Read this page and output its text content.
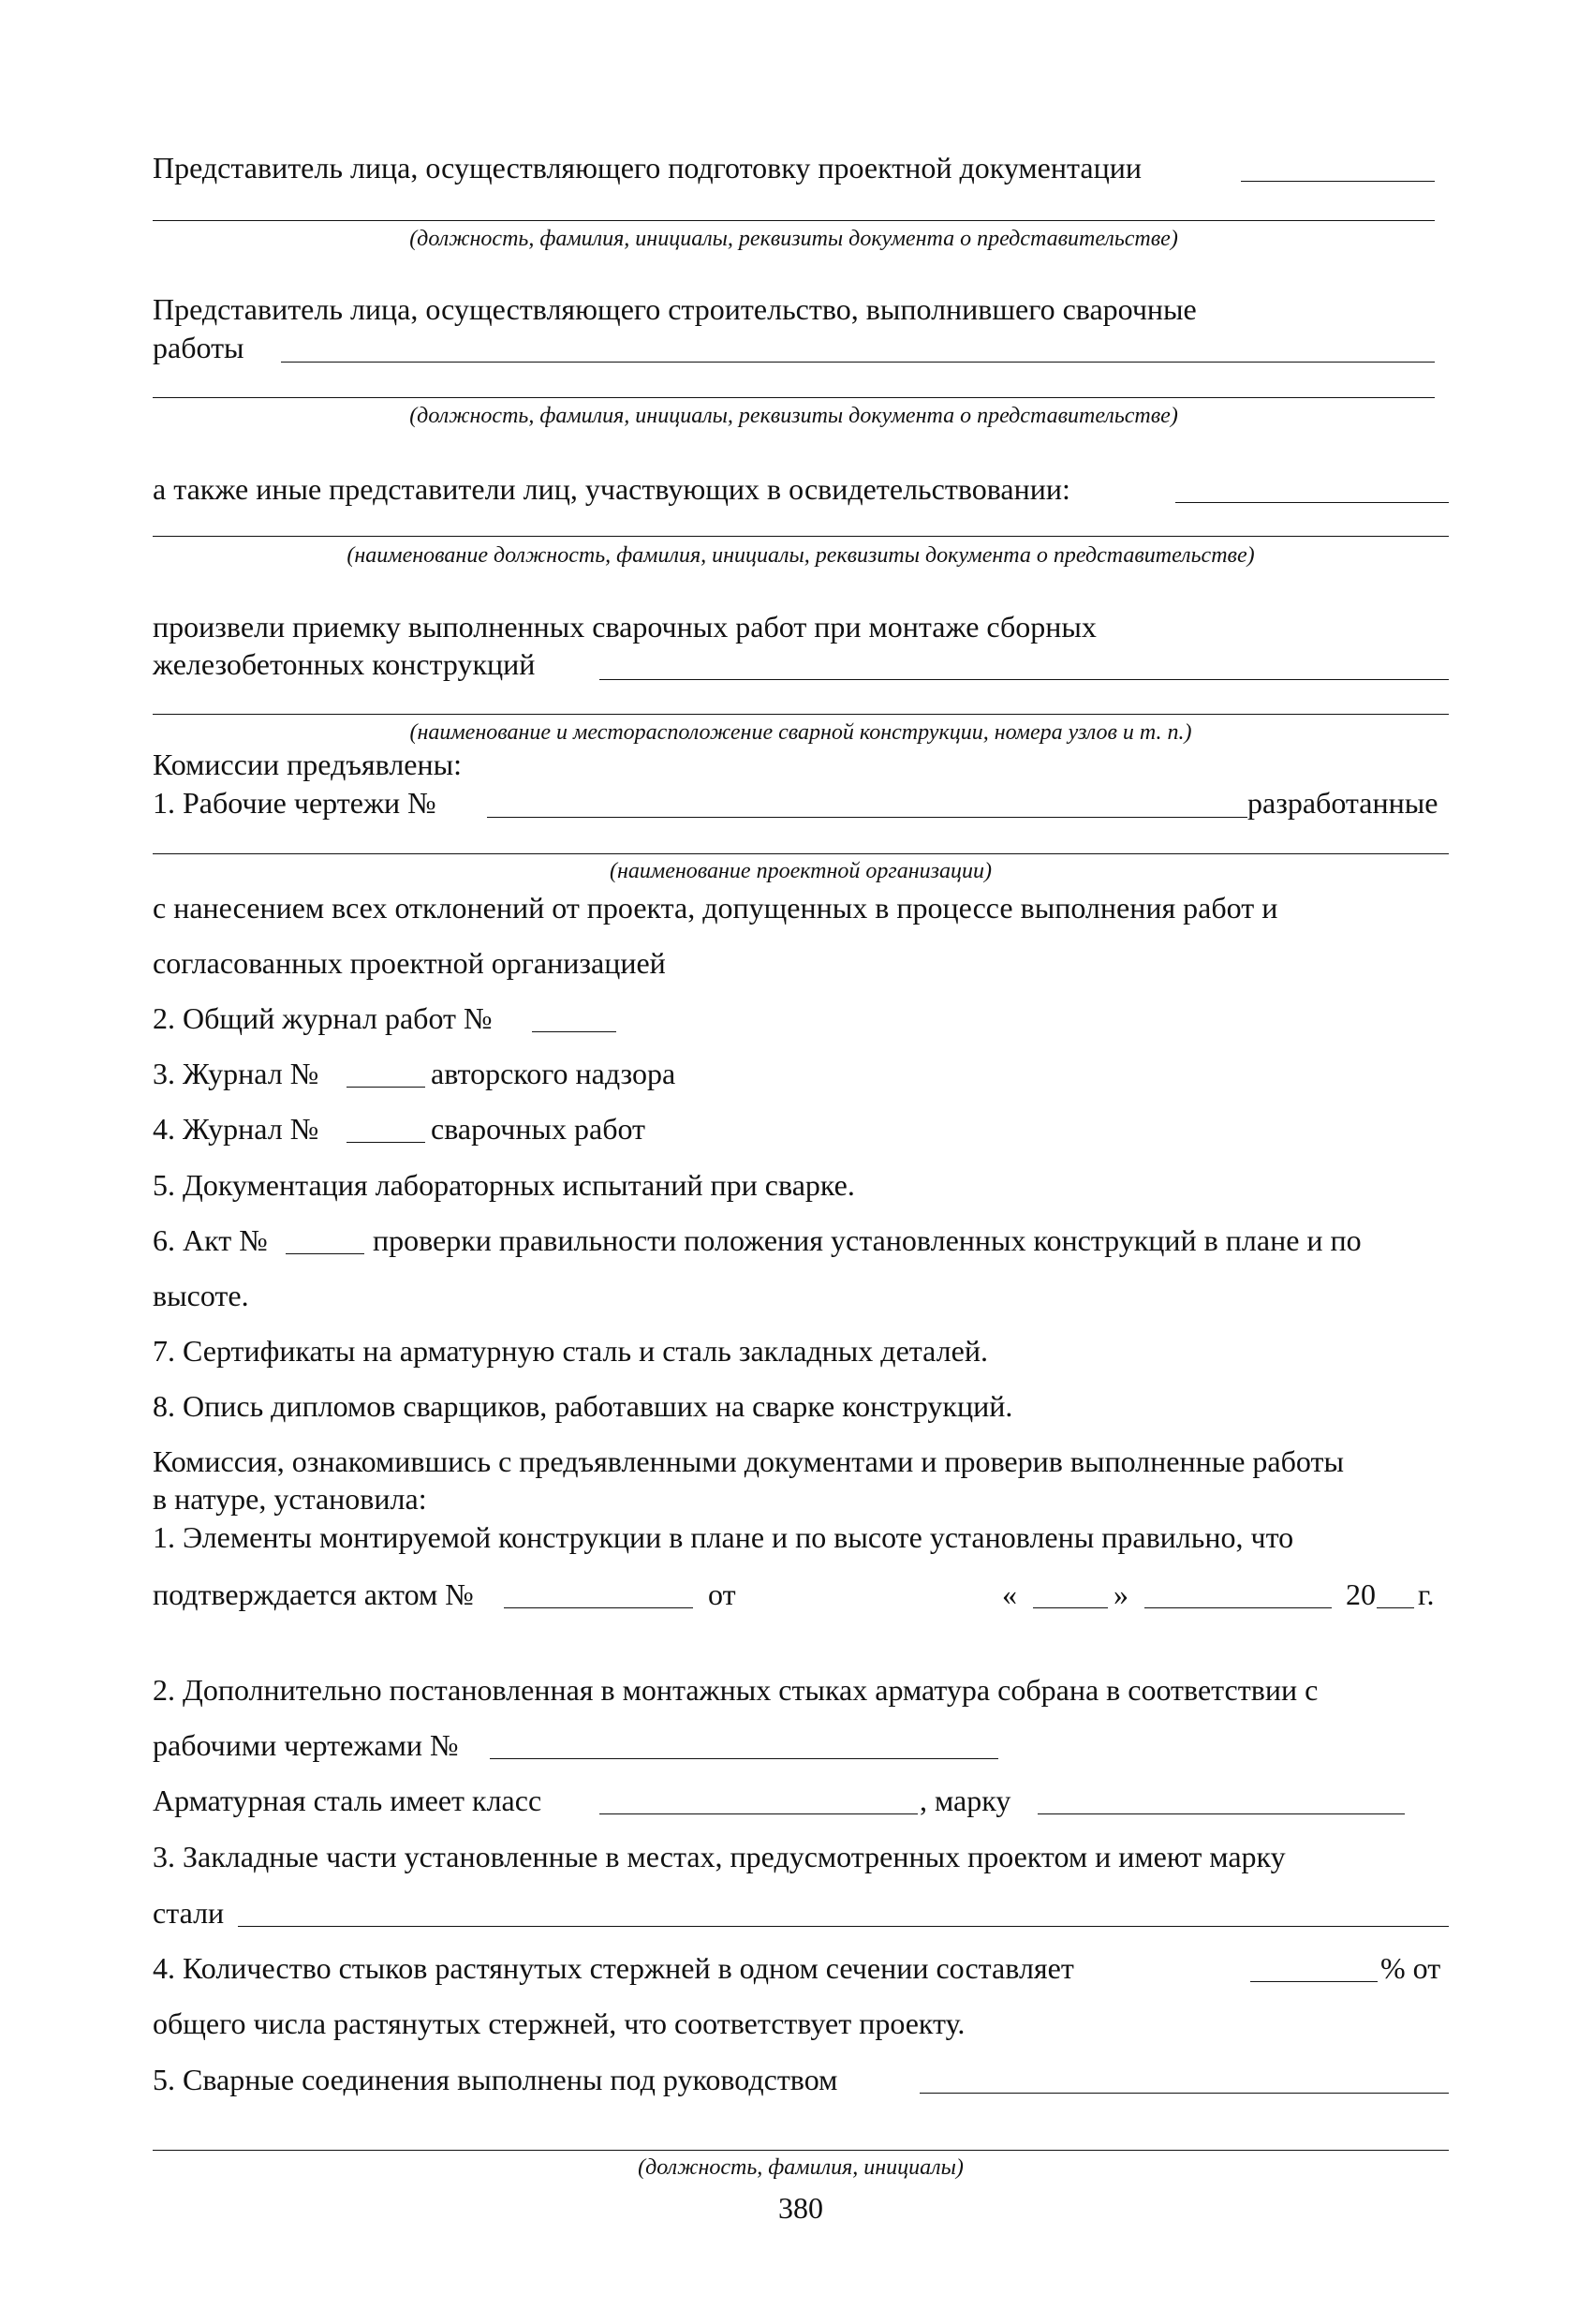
Представитель лица, осуществляющего подготовку проектной документации
(должность, фамилия, инициалы, реквизиты документа о представительстве)
Представитель лица, осуществляющего строительство, выполнившего сварочные
работы
(должность, фамилия, инициалы, реквизиты документа о представительстве)
а также иные представители лиц, участвующих в освидетельствовании:
(наименование должность, фамилия, инициалы, реквизиты документа о представительстве)
произвели приемку выполненных сварочных работ при монтаже сборных
железобетонных конструкций
(наименование и месторасположение сварной конструкции, номера узлов и т. п.)
Комиссии предъявлены:
1. Рабочие чертежи №	разработанные
(наименование проектной организации)
с нанесением всех отклонений от проекта, допущенных в процессе выполнения работ и
согласованных проектной организацией
2. Общий журнал работ №
3. Журнал №	авторского надзора
4. Журнал №	сварочных работ
5. Документация лабораторных испытаний при сварке.
6. Акт №	проверки правильности положения установленных конструкций в плане и по
высоте.
7. Сертификаты на арматурную сталь и сталь закладных деталей.
8. Опись дипломов сварщиков, работавших на сварке конструкций.
Комиссия, ознакомившись с предъявленными документами и проверив выполненные работы
в натуре, установила:
1. Элементы монтируемой конструкции в плане и по высоте установлены правильно, что
подтверждается актом №	от	«	»	20 г.
2. Дополнительно постановленная в монтажных стыках арматура собрана в соответствии с
рабочими чертежами №
Арматурная сталь имеет класс	, марку
3. Закладные части установленные в местах, предусмотренных проектом и имеют марку
стали
4. Количество стыков растянутых стержней в одном сечении составляет	% от
общего числа растянутых стержней, что соответствует проекту.
5. Сварные соединения выполнены под руководством
(должность, фамилия, инициалы)
380
